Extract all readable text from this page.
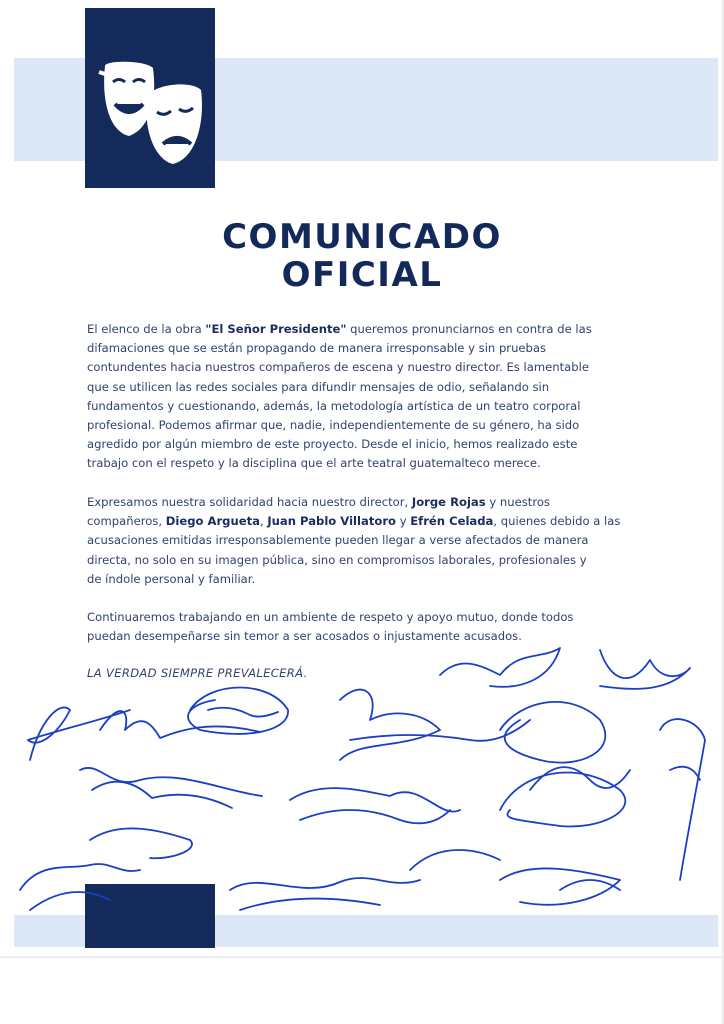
COMUNICADO
OFICIAL
El elenco de la obra "El Señor Presidente" queremos pronunciarnos en contra de las
difamaciones que se están propagando de manera irresponsable y sin pruebas
contundentes hacia nuestros compañeros de escena y nuestro director. Es lamentable
que se utilicen las redes sociales para difundir mensajes de odio, señalando sin
fundamentos y cuestionando, además, la metodología artística de un teatro corporal
profesional. Podemos afirmar que, nadie, independientemente de su género, ha sido
agredido por algún miembro de este proyecto. Desde el inicio, hemos realizado este
trabajo con el respeto y la disciplina que el arte teatral guatemalteco merece.
Expresamos nuestra solidaridad hacia nuestro director, Jorge Rojas y nuestros
compañeros, Diego Argueta, Juan Pablo Villatoro y Efrén Celada, quienes debido a las
acusaciones emitidas irresponsablemente pueden llegar a verse afectados de manera
directa, no solo en su imagen pública, sino en compromisos laborales, profesionales y
de índole personal y familiar.
Continuaremos trabajando en un ambiente de respeto y apoyo mutuo, donde todos
puedan desempeñarse sin temor a ser acosados o injustamente acusados.
LA VERDAD SIEMPRE PREVALECERÁ.
